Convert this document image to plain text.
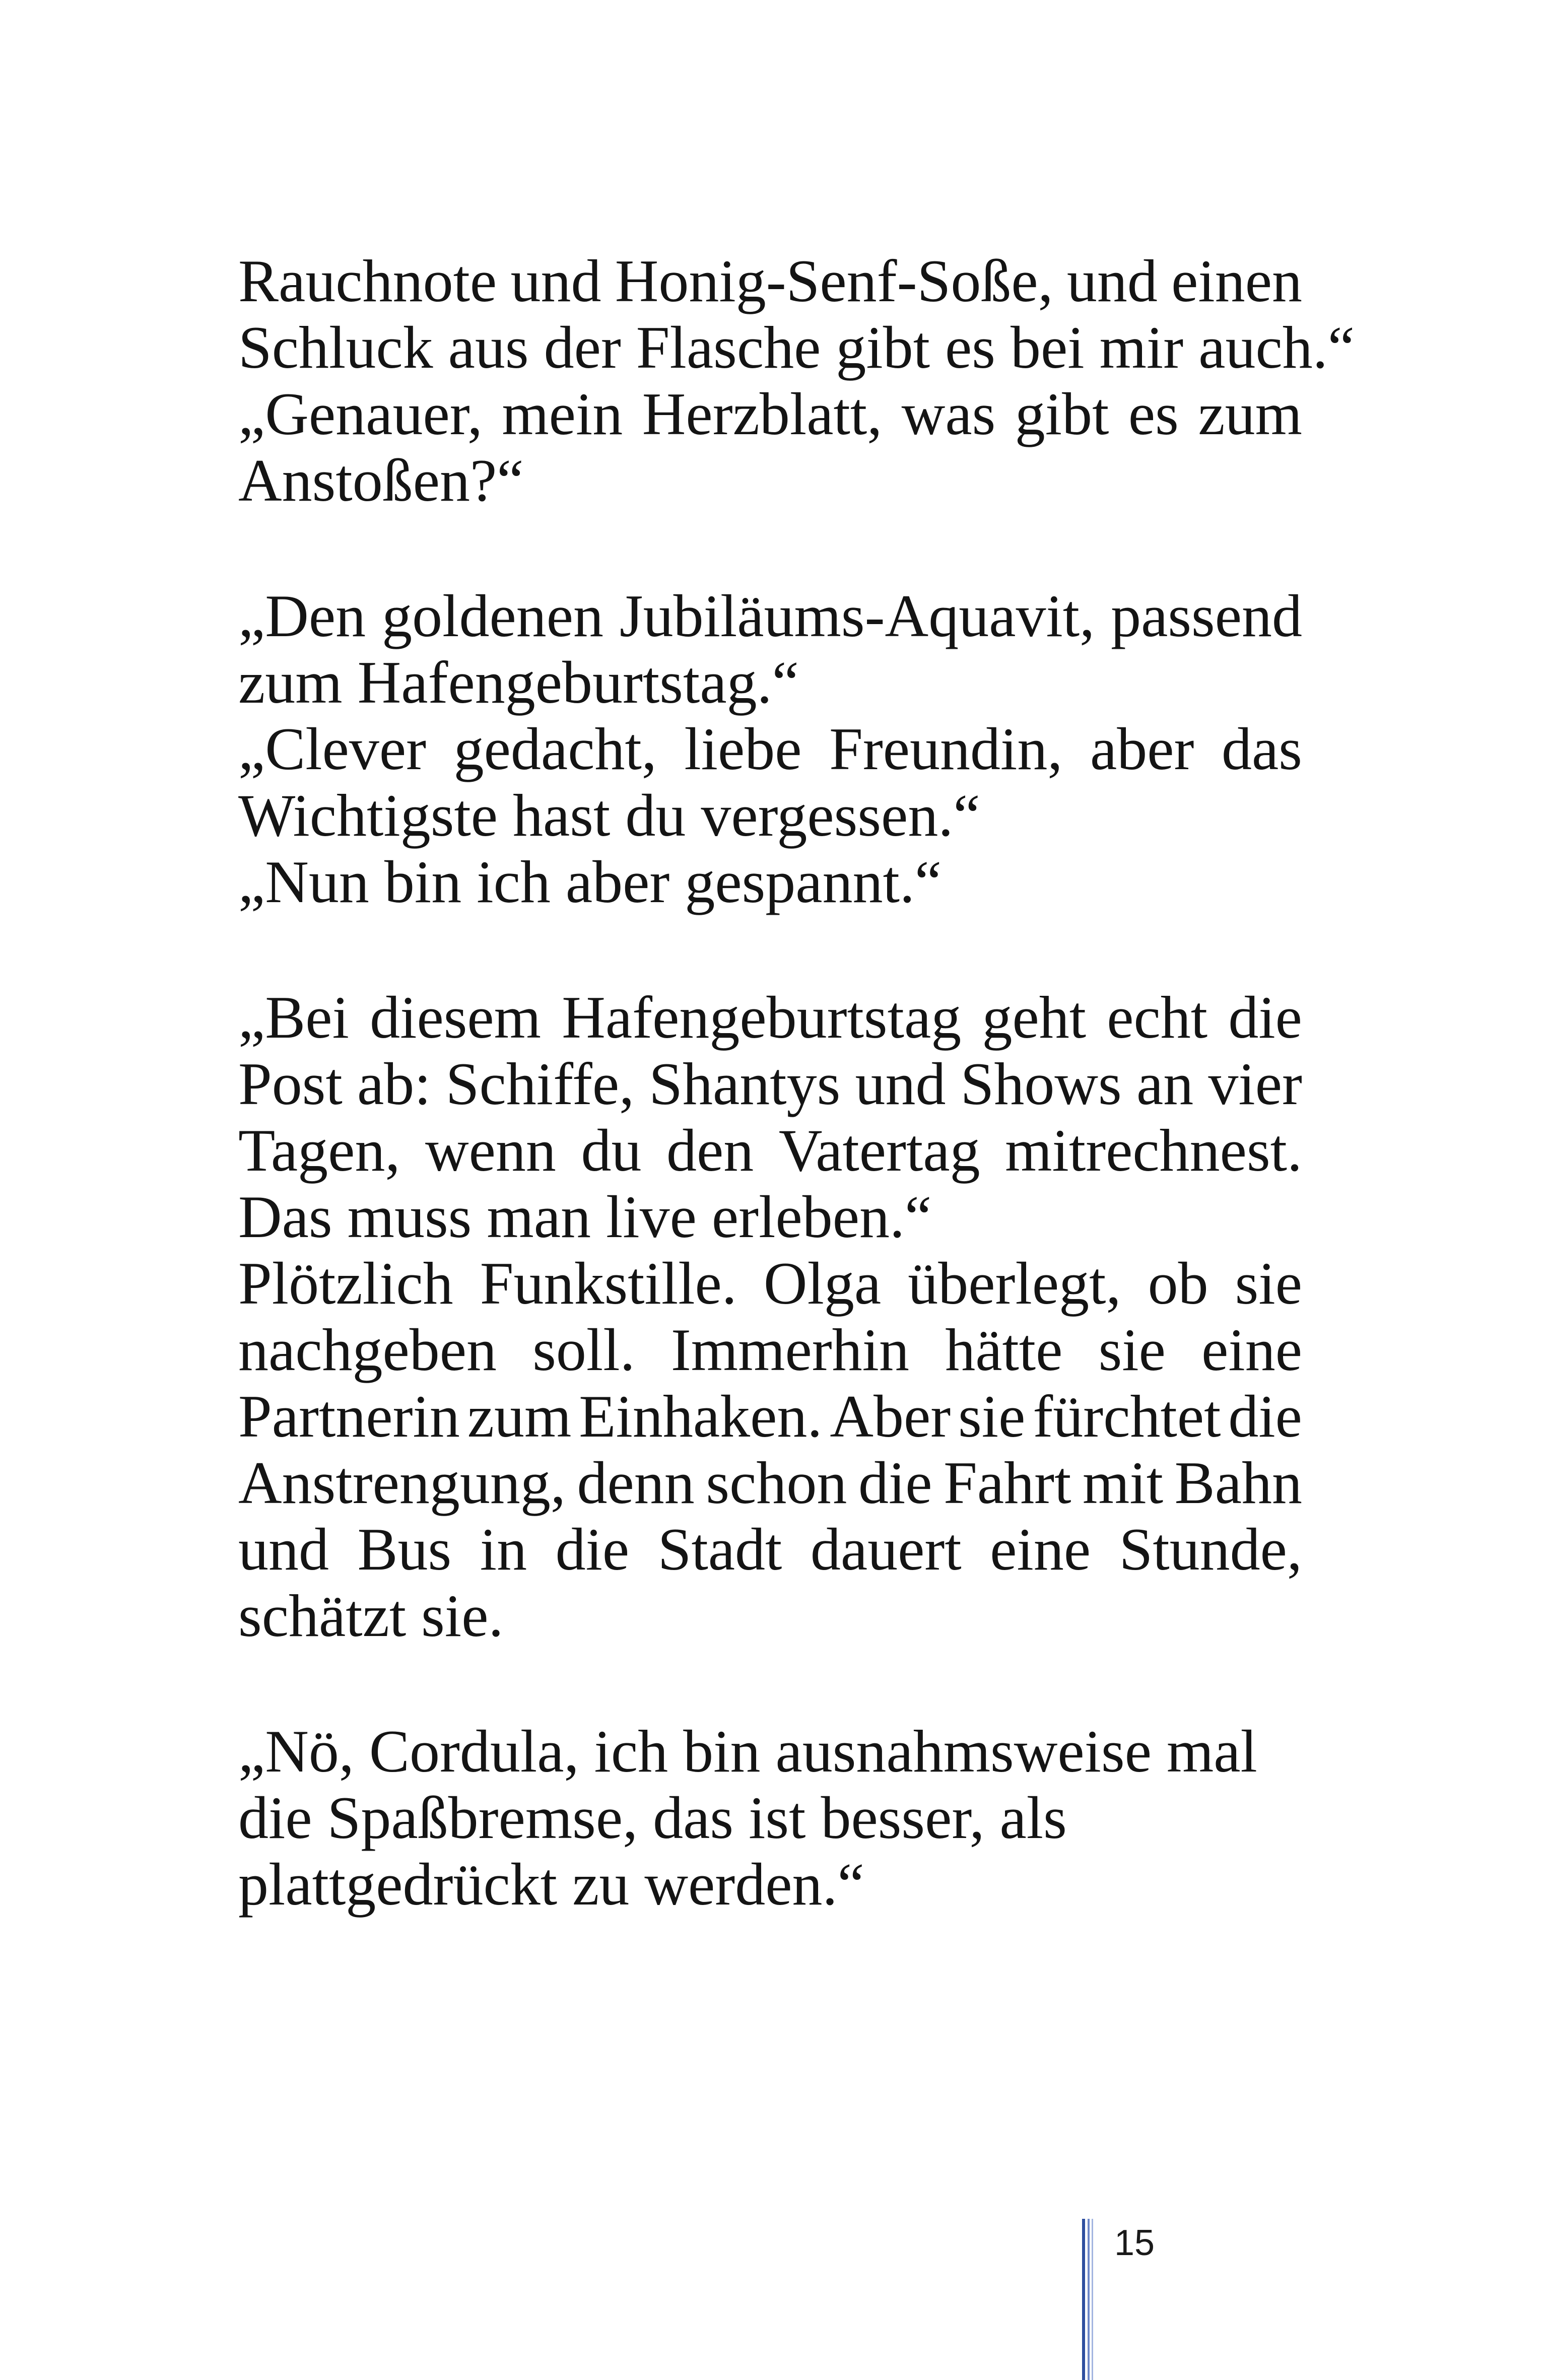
Rauchnote und Honig-Senf-Soße, und einen
Schluck aus der Flasche gibt es bei mir auch.“
„Genauer, mein Herzblatt, was gibt es zum
Anstoßen?“
„Den goldenen Jubiläums-Aquavit, passend
zum Hafengeburtstag.“
„Clever gedacht, liebe Freundin, aber das
Wichtigste hast du vergessen.“
„Nun bin ich aber gespannt.“
„Bei diesem Hafengeburtstag geht echt die
Post ab: Schiffe, Shantys und Shows an vier
Tagen, wenn du den Vatertag mitrechnest.
Das muss man live erleben.“
Plötzlich Funkstille. Olga überlegt, ob sie
nachgeben soll. Immerhin hätte sie eine
Partnerin zum Einhaken. Aber sie fürchtet die
Anstrengung, denn schon die Fahrt mit Bahn
und Bus in die Stadt dauert eine Stunde,
schätzt sie.
„Nö, Cordula, ich bin ausnahmsweise mal
die Spaßbremse, das ist besser, als
plattgedrückt zu werden.“
15
